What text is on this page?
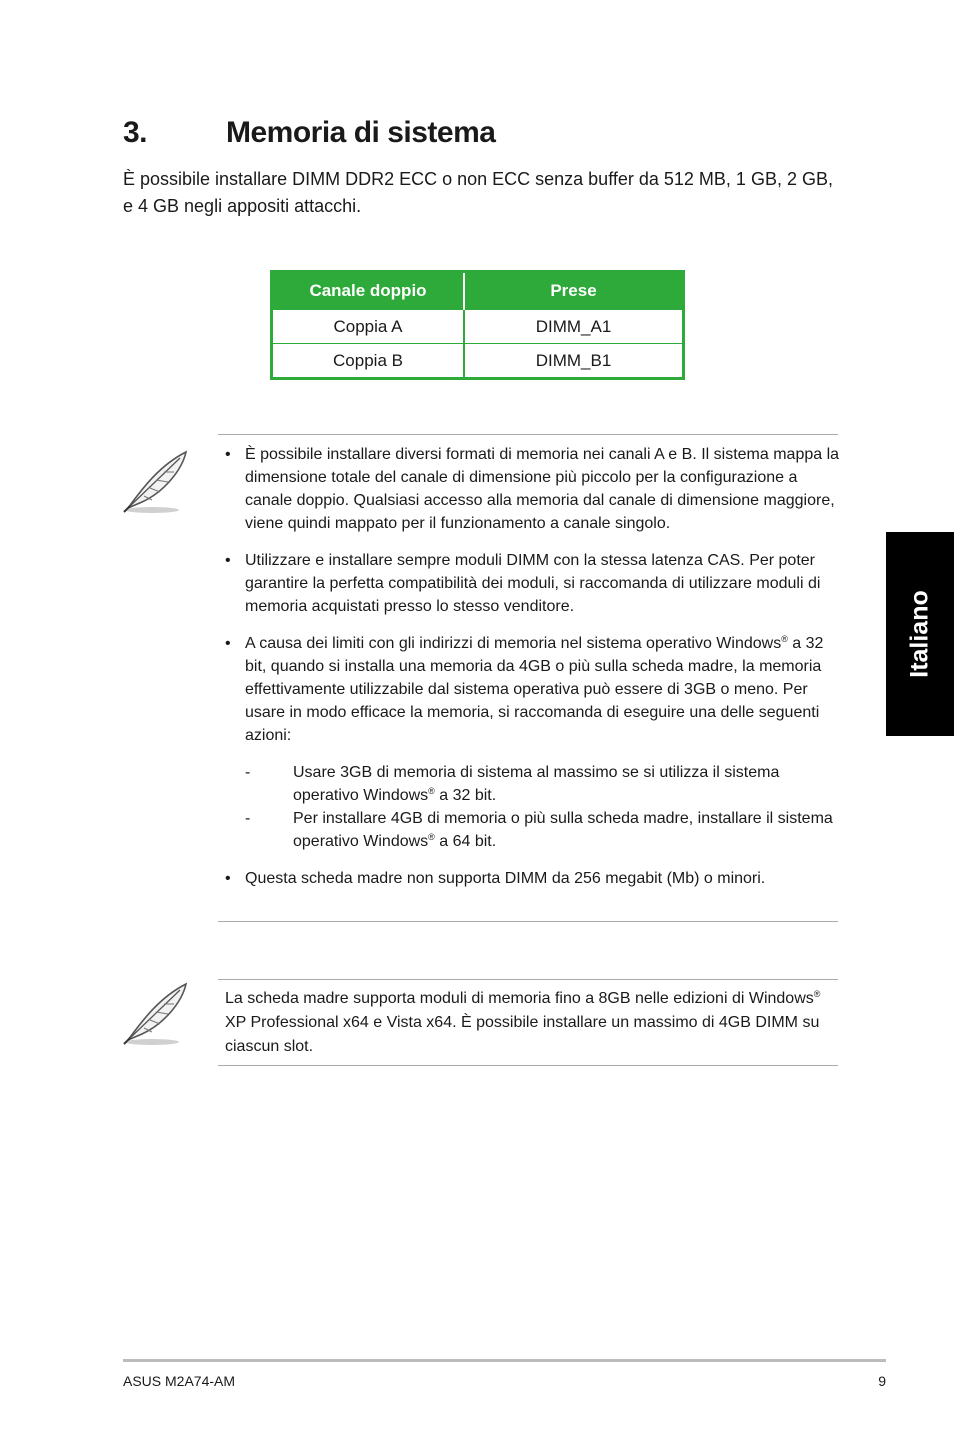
3.	Memoria di sistema

È possibile installare DIMM DDR2 ECC o non ECC senza buffer da 512 MB, 1 GB, 2 GB, e 4 GB negli appositi attacchi.

Canale doppio	Prese
Coppia A	DIMM_A1
Coppia B	DIMM_B1
• È possibile installare diversi formati di memoria nei canali A e B. Il sistema mappa la dimensione totale del canale di dimensione più piccolo per la configurazione a canale doppio. Qualsiasi accesso alla memoria dal canale di dimensione maggiore, viene quindi mappato per il funzionamento a canale singolo.
• Utilizzare e installare sempre moduli DIMM con la stessa latenza CAS. Per poter garantire la perfetta compatibilità dei moduli, si raccomanda di utilizzare moduli di memoria acquistati presso lo stesso venditore.
• A causa dei limiti con gli indirizzi di memoria nel sistema operativo Windows® a 32 bit, quando si installa una memoria da 4GB o più sulla scheda madre, la memoria effettivamente utilizzabile dal sistema operativa può essere di 3GB o meno. Per usare in modo efficace la memoria, si raccomanda di eseguire una delle seguenti azioni:
-	Usare 3GB di memoria di sistema al massimo se si utilizza il sistema operativo Windows® a 32 bit.
-	Per installare 4GB di memoria o più sulla scheda madre, installare il sistema operativo Windows® a 64 bit.
• Questa scheda madre non supporta DIMM da 256 megabit (Mb) o minori.

La scheda madre supporta moduli di memoria fino a 8GB nelle edizioni di Windows® XP Professional x64 e Vista x64. È possibile installare un massimo di 4GB DIMM su ciascun slot.

Italiano
ASUS M2A74-AM	9
